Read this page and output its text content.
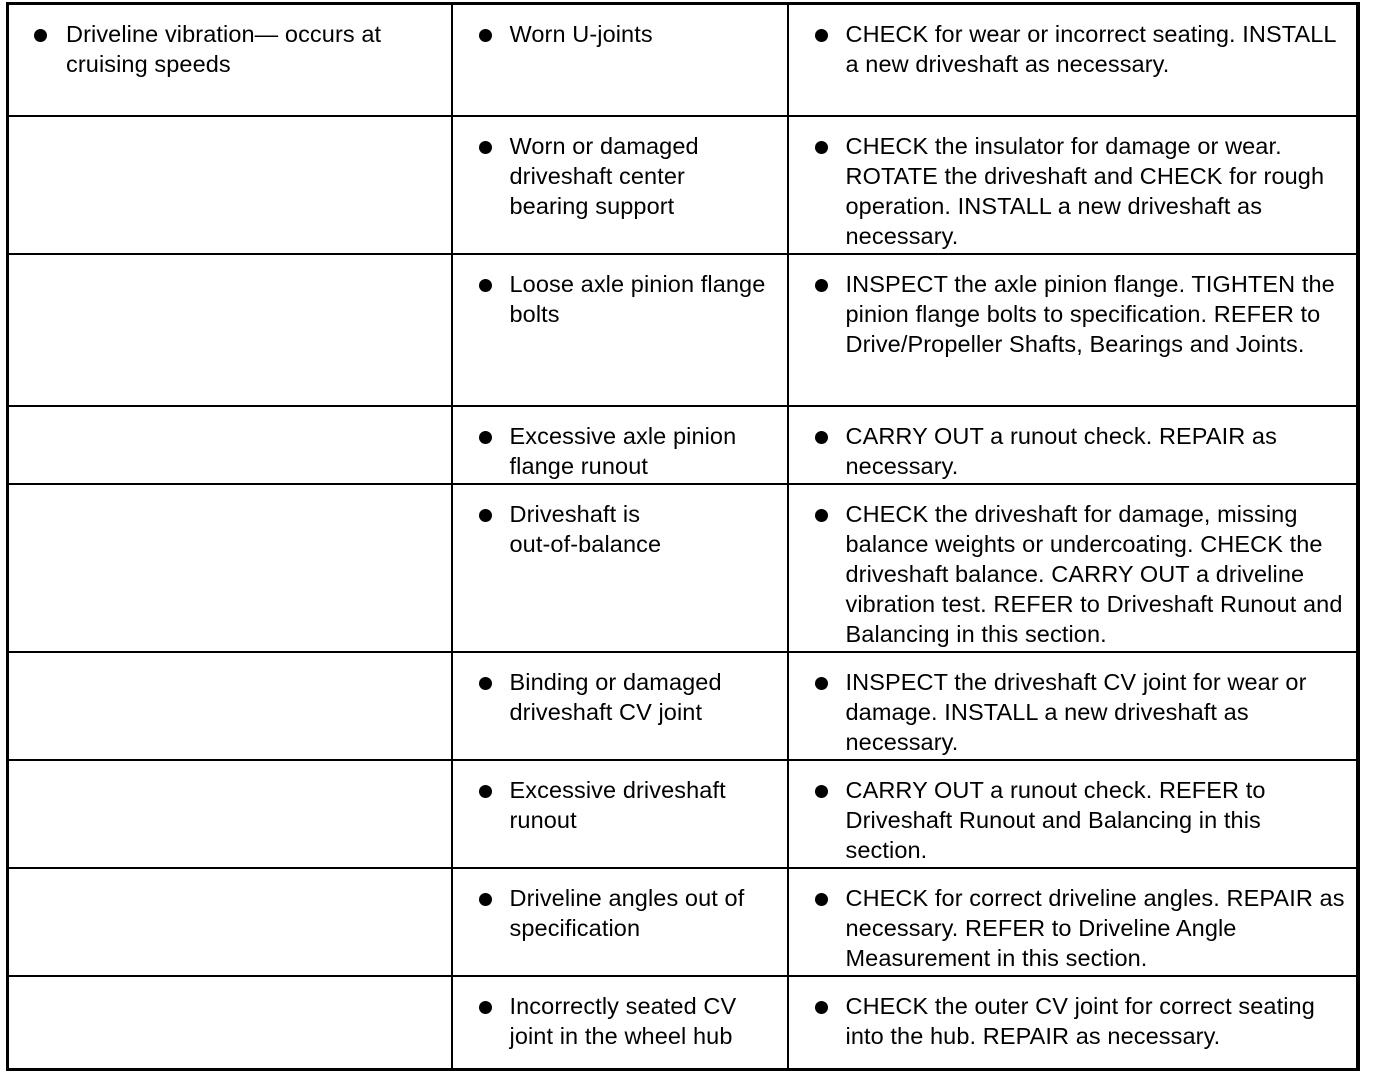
Driveline vibration— occurs at cruising speeds	Worn U-joints	CHECK for wear or incorrect seating. INSTALL a new driveshaft as necessary.

	Worn or damaged driveshaft center bearing support	CHECK the insulator for damage or wear. ROTATE the driveshaft and CHECK for rough operation. INSTALL a new driveshaft as necessary.

	Loose axle pinion flange bolts	INSPECT the axle pinion flange. TIGHTEN the pinion flange bolts to specification. REFER to Drive/Propeller Shafts, Bearings and Joints.

	Excessive axle pinion flange runout	CARRY OUT a runout check. REPAIR as necessary.

	Driveshaft is out-of-balance	CHECK the driveshaft for damage, missing balance weights or undercoating. CHECK the driveshaft balance. CARRY OUT a driveline vibration test. REFER to Driveshaft Runout and Balancing in this section.

	Binding or damaged driveshaft CV joint	INSPECT the driveshaft CV joint for wear or damage. INSTALL a new driveshaft as necessary.

	Excessive driveshaft runout	CARRY OUT a runout check. REFER to Driveshaft Runout and Balancing in this section.

	Driveline angles out of specification	CHECK for correct driveline angles. REPAIR as necessary. REFER to Driveline Angle Measurement in this section.

	Incorrectly seated CV joint in the wheel hub	CHECK the outer CV joint for correct seating into the hub. REPAIR as necessary.
